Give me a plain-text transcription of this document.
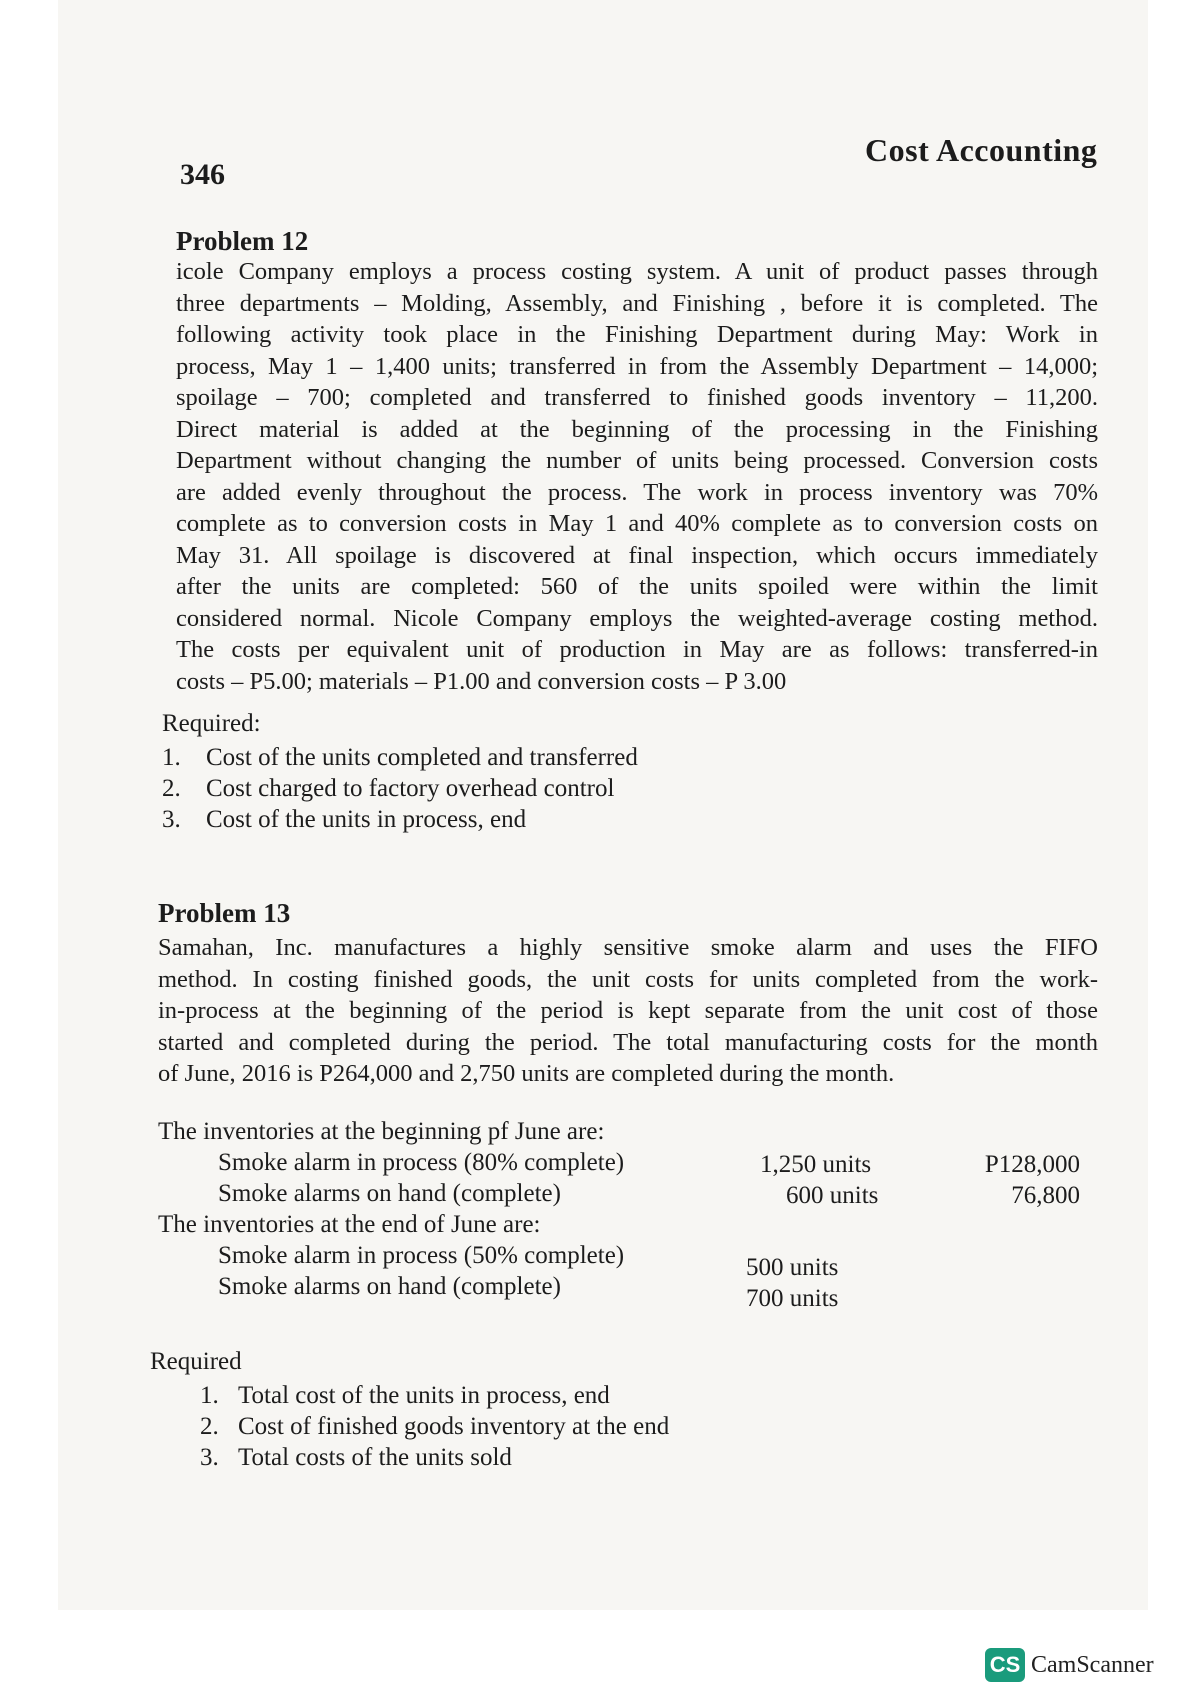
346
Cost Accounting
Problem 12
icole Company employs a process costing system. A unit of product passes through
three departments – Molding, Assembly, and Finishing , before it is completed. The
following activity took place in the Finishing Department during May: Work in
process, May 1 – 1,400 units; transferred in from the Assembly Department – 14,000;
spoilage – 700; completed and transferred to finished goods inventory – 11,200.
Direct material is added at the beginning of the processing in the Finishing
Department without changing the number of units being processed. Conversion costs
are added evenly throughout the process. The work in process inventory was 70%
complete as to conversion costs in May 1 and 40% complete as to conversion costs on
May 31. All spoilage is discovered at final inspection, which occurs immediately
after the units are completed: 560 of the units spoiled were within the limit
considered normal. Nicole Company employs the weighted-average costing method.
The costs per equivalent unit of production in May are as follows: transferred-in
costs – P5.00; materials – P1.00 and conversion costs – P 3.00
Required:
1.	Cost of the units completed and transferred
2.	Cost charged to factory overhead control
3.	Cost of the units in process, end
Problem 13
Samahan, Inc. manufactures a highly sensitive smoke alarm and uses the FIFO
method. In costing finished goods, the unit costs for units completed from the work-
in-process at the beginning of the period is kept separate from the unit cost of those
started and completed during the period. The total manufacturing costs for the month
of June, 2016 is P264,000 and 2,750 units are completed during the month.
The inventories at the beginning pf June are:
Smoke alarm in process (80% complete)	1,250 units	P128,000
Smoke alarms on hand (complete)	600 units	76,800
The inventories at the end of June are:
Smoke alarm in process (50% complete)	500 units
Smoke alarms on hand (complete)	700 units
Required
1. Total cost of the units in process, end
2. Cost of finished goods inventory at the end
3. Total costs of the units sold
CS CamScanner
